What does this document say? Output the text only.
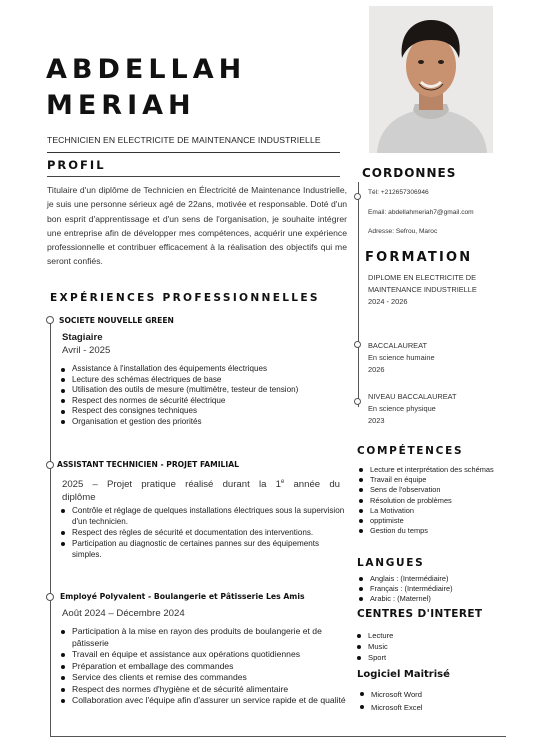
ABDELLAH
MERIAH
TECHNICIEN EN ELECTRICITE DE MAINTENANCE INDUSTRIELLE
PROFIL
Titulaire d'un diplôme de Technicien en Électricité de Maintenance Industrielle, je suis une personne sérieux agé de 22ans, motivée et responsable. Doté d'un bon esprit d'apprentissage et d'un sens de l'organisation, je souhaite intégrer une entreprise afin de développer mes compétences, acquérir une expérience professionnelle et contribuer efficacement à la réalisation des objectifs qui me seront confiés.
EXPÉRIENCES PROFESSIONNELLES
SOCIETE NOUVELLE GREEN
Stagiaire
Avril - 2025
Assistance à l'installation des équipements électriques
Lecture des schémas électriques de base
Utilisation des outils de mesure (multimètre, testeur de tension)
Respect des normes de sécurité électrique
Respect des consignes techniques
Organisation et gestion des priorités
ASSISTANT TECHNICIEN - PROJET FAMILIAL
2025 – Projet pratique réalisé durant la 1e année du
diplôme
Contrôle et réglage de quelques installations électriques sous la supervision d'un technicien.
Respect des règles de sécurité et documentation des interventions.
Participation au diagnostic de certaines pannes sur des équipements simples.
Employé Polyvalent - Boulangerie et Pâtisserie Les Amis
Août 2024 – Décembre 2024
Participation à la mise en rayon des produits de boulangerie et de pâtisserie
Travail en équipe et assistance aux opérations quotidiennes
Préparation et emballage des commandes
Service des clients et remise des commandes
Respect des normes d'hygiène et de sécurité alimentaire
Collaboration avec l'équipe afin d'assurer un service rapide et de qualité
CORDONNES
Tél: +212657306946
Email: abdellahmeriah7@gmail.com
Adresse: Sefrou, Maroc
FORMATION
DIPLOME EN ELECTRICITE DE
MAINTENANCE INDUSTRIELLE
2024 - 2026
BACCALAUREAT
En science humaine
2026
NIVEAU BACCALAUREAT
En science physique
2023
COMPÉTENCES
Lecture et interprétation des schémas
Travail en équipe
Sens de l'observation
Résolution de problèmes
La Motivation
opptimiste
Gestion du temps
LANGUES
Anglais : (Intermédiaire)
Français : (Intermédiaire)
Arabic : (Maternel)
CENTRES D'INTERET
Lecture
Music
Sport
Logiciel Maitrisé
Microsoft Word
Microsoft Excel
